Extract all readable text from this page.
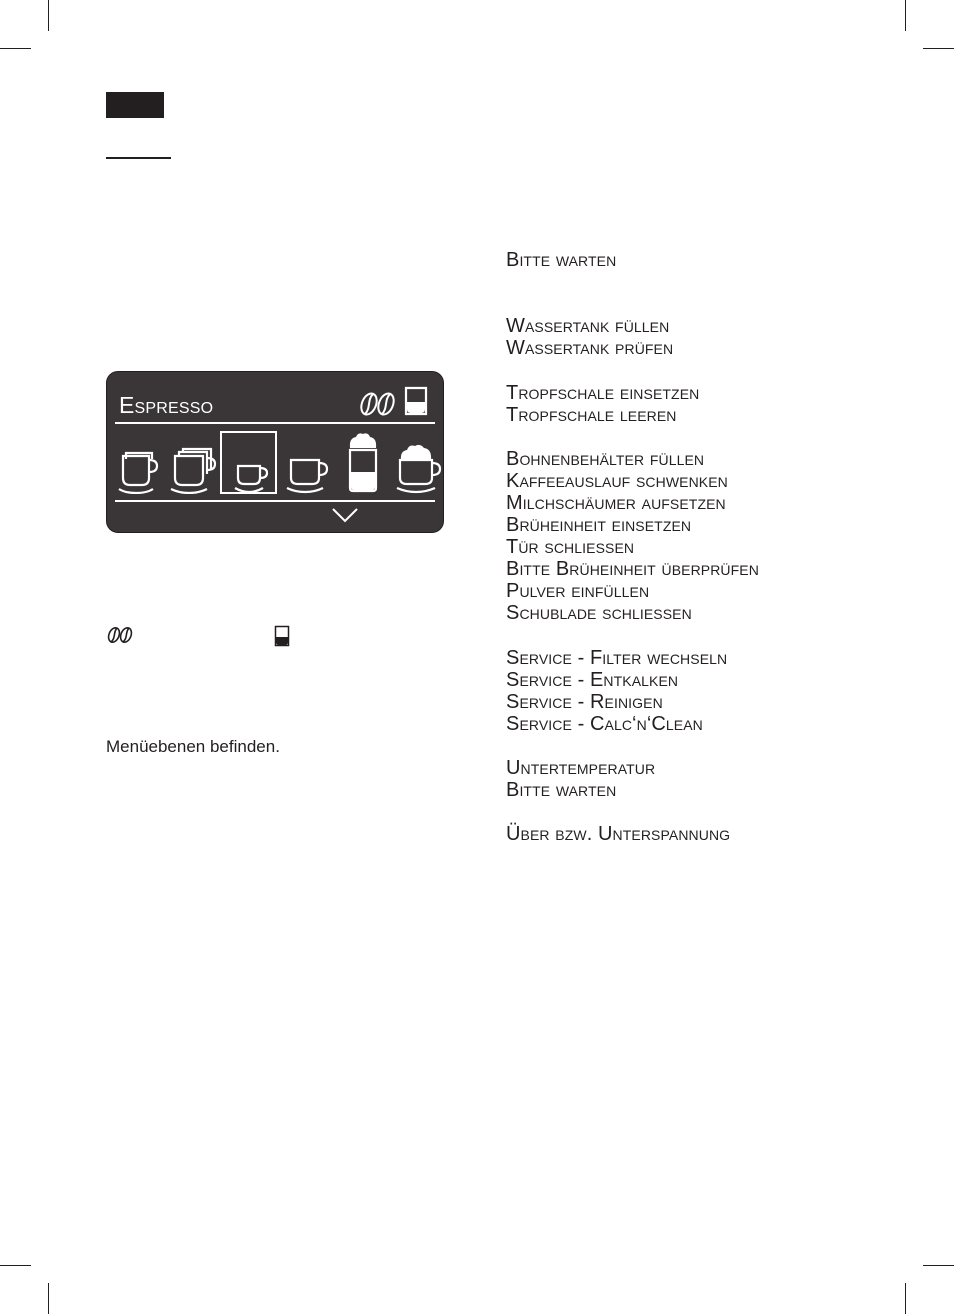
Espresso
Menüebenen befinden.
Bitte warten
Wassertank füllen
Wassertank prüfen
Tropfschale einsetzen
Tropfschale leeren
Bohnenbehälter füllen
Kaffeeauslauf schwenken
Milchschäumer aufsetzen
Brüheinheit einsetzen
Tür schliessen
Bitte Brüheinheit überprüfen
Pulver einfüllen
Schublade schliessen
Service - Filter wechseln
Service - Entkalken
Service - Reinigen
Service - Calc‘n‘Clean
Untertemperatur
Bitte warten
Über bzw. Unterspannung
